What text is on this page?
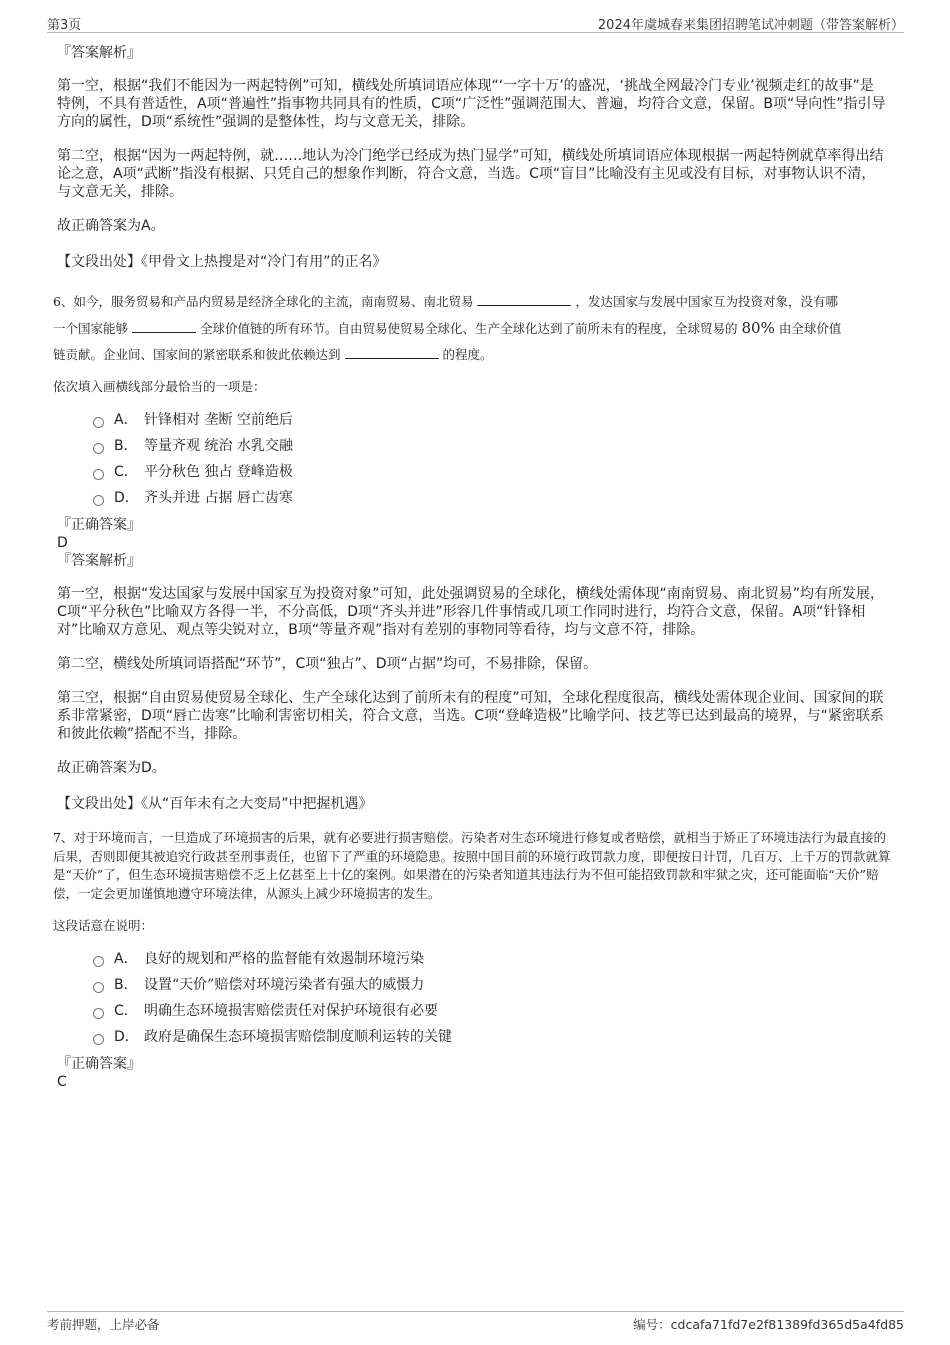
第3页	2024年虞城春来集团招聘笔试冲刺题（带答案解析）

『答案解析』

第一空，根据“我们不能因为一两起特例”可知，横线处所填词语应体现“‘一字十万’的盛况，‘挑战全网最冷门专业’视频走红的故事”是特例，不具有普适性，A项“普遍性”指事物共同具有的性质，C项“广泛性”强调范围大、普遍，均符合文意，保留。B项“导向性”指引导方向的属性，D项“系统性”强调的是整体性，均与文意无关，排除。

第二空，根据“因为一两起特例，就……地认为冷门绝学已经成为热门显学”可知，横线处所填词语应体现根据一两起特例就草率得出结论之意，A项“武断”指没有根据、只凭自己的想象作判断，符合文意，当选。C项“盲目”比喻没有主见或没有目标，对事物认识不清，与文意无关，排除。

故正确答案为A。

【文段出处】《甲骨文上热搜是对“冷门有用”的正名》

6、如今，服务贸易和产品内贸易是经济全球化的主流，南南贸易、南北贸易	，发达国家与发展中国家互为投资对象，没有哪
一个国家能够	全球价值链的所有环节。自由贸易使贸易全球化、生产全球化达到了前所未有的程度，全球贸易的 80% 由全球价值
链贡献。企业间、国家间的紧密联系和彼此依赖达到	的程度。

依次填入画横线部分最恰当的一项是：

A． 针锋相对 垄断 空前绝后
B． 等量齐观 统治 水乳交融
C． 平分秋色 独占 登峰造极
D． 齐头并进 占据 唇亡齿寒

『正确答案』

D

『答案解析』

第一空，根据“发达国家与发展中国家互为投资对象”可知，此处强调贸易的全球化，横线处需体现“南南贸易、南北贸易”均有所发展，C项“平分秋色”比喻双方各得一半，不分高低，D项“齐头并进”形容几件事情或几项工作同时进行，均符合文意，保留。A项“针锋相对”比喻双方意见、观点等尖锐对立，B项“等量齐观”指对有差别的事物同等看待，均与文意不符，排除。

第二空，横线处所填词语搭配“环节”，C项“独占”、D项“占据”均可，不易排除，保留。

第三空，根据“自由贸易使贸易全球化、生产全球化达到了前所未有的程度”可知，全球化程度很高，横线处需体现企业间、国家间的联系非常紧密，D项“唇亡齿寒”比喻利害密切相关，符合文意，当选。C项“登峰造极”比喻学问、技艺等已达到最高的境界，与“紧密联系和彼此依赖”搭配不当，排除。

故正确答案为D。

【文段出处】《从“百年未有之大变局”中把握机遇》

7、对于环境而言，一旦造成了环境损害的后果，就有必要进行损害赔偿。污染者对生态环境进行修复或者赔偿，就相当于矫正了环境违法行为最直接的后果，否则即便其被追究行政甚至刑事责任，也留下了严重的环境隐患。按照中国目前的环境行政罚款力度，即便按日计罚，几百万、上千万的罚款就算是“天价”了，但生态环境损害赔偿不乏上亿甚至上十亿的案例。如果潜在的污染者知道其违法行为不但可能招致罚款和牢狱之灾，还可能面临“天价”赔偿，一定会更加谨慎地遵守环境法律，从源头上减少环境损害的发生。

这段话意在说明：

A． 良好的规划和严格的监督能有效遏制环境污染
B． 设置“天价”赔偿对环境污染者有强大的威慑力
C． 明确生态环境损害赔偿责任对保护环境很有必要
D． 政府是确保生态环境损害赔偿制度顺利运转的关键

『正确答案』

C

考前押题，上岸必备	编号：cdcafa71fd7e2f81389fd365d5a4fd85
